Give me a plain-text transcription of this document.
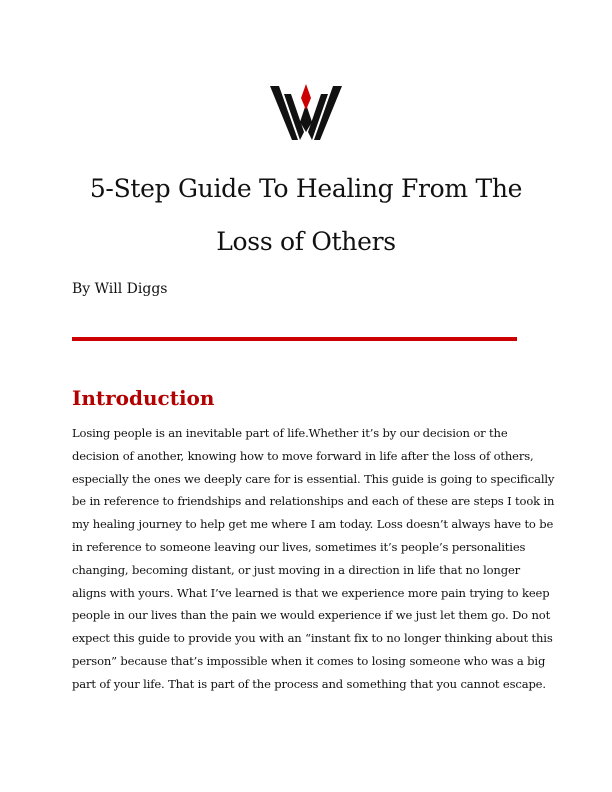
5-Step Guide To Healing From The
Loss of Others

By Will Diggs

Introduction

Losing people is an inevitable part of life.Whether it’s by our decision or the
decision of another, knowing how to move forward in life after the loss of others,
especially the ones we deeply care for is essential. This guide is going to specifically
be in reference to friendships and relationships and each of these are steps I took in
my healing journey to help get me where I am today. Loss doesn’t always have to be
in reference to someone leaving our lives, sometimes it’s people’s personalities
changing, becoming distant, or just moving in a direction in life that no longer
aligns with yours. What I’ve learned is that we experience more pain trying to keep
people in our lives than the pain we would experience if we just let them go. Do not
expect this guide to provide you with an “instant fix to no longer thinking about this
person” because that’s impossible when it comes to losing someone who was a big
part of your life. That is part of the process and something that you cannot escape.
